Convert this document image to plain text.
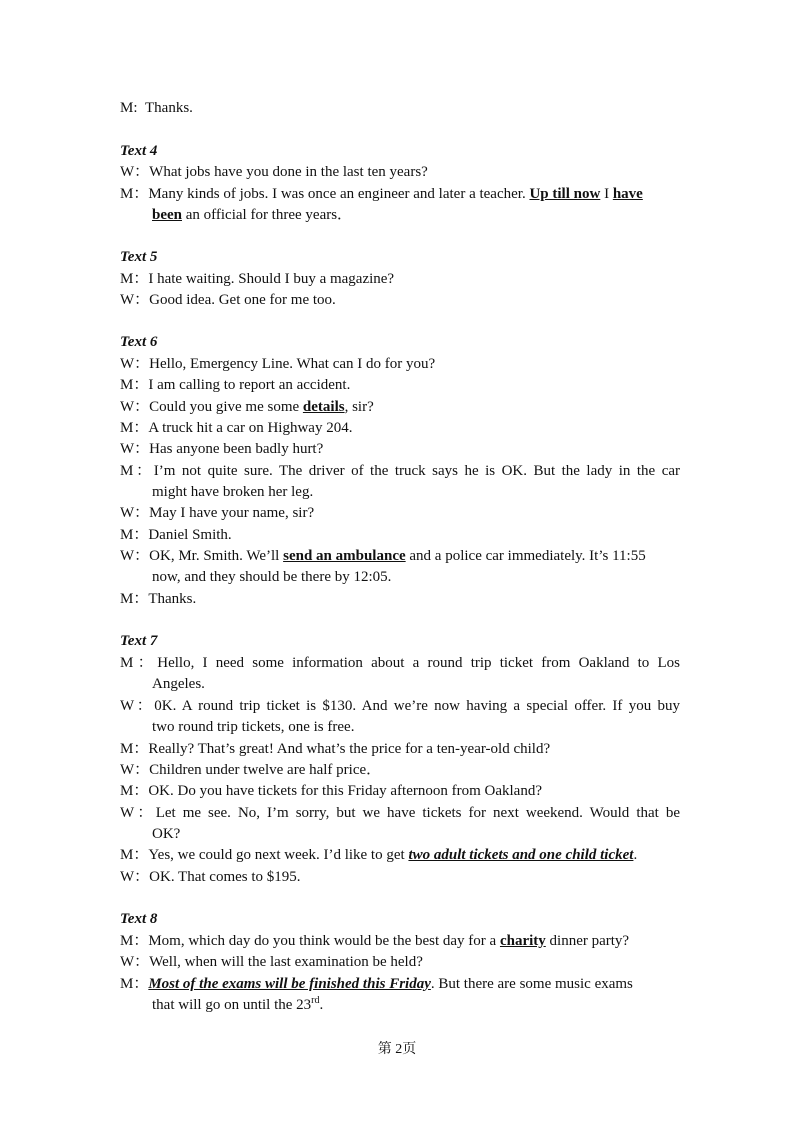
M:  Thanks.
Text 4
W：What jobs have you done in the last ten years?
M：Many kinds of jobs. I was once an engineer and later a teacher. Up till now I have
been an official for three years．
Text 5
M：I hate waiting. Should I buy a magazine?
W：Good idea. Get one for me too.
Text 6
W：Hello, Emergency Line. What can I do for you?
M：I am calling to report an accident.
W：Could you give me some details, sir?
M：A truck hit a car on Highway 204.
W：Has anyone been badly hurt?
M：I’m not quite sure. The driver of the truck says he is OK. But the lady in the car
might have broken her leg.
W：May I have your name, sir?
M：Daniel Smith.
W：OK, Mr. Smith. We’ll send an ambulance and a police car immediately. It’s 11:55
now, and they should be there by 12:05.
M：Thanks.
Text 7
M：Hello, I need some information about a round trip ticket from Oakland to Los
Angeles.
W：0K. A round trip ticket is $130. And we’re now having a special offer. If you buy
two round trip tickets, one is free.
M：Really? That’s great! And what’s the price for a ten-year-old child?
W：Children under twelve are half price．
M：OK. Do you have tickets for this Friday afternoon from Oakland?
W：Let me see. No, I’m sorry, but we have tickets for next weekend. Would that be
OK?
M：Yes, we could go next week. I’d like to get two adult tickets and one child ticket.
W：OK. That comes to $195.
Text 8
M：Mom, which day do you think would be the best day for a charity dinner party?
W：Well, when will the last examination be held?
M：Most of the exams will be finished this Friday. But there are some music exams
that will go on until the 23rd.
第 2页
